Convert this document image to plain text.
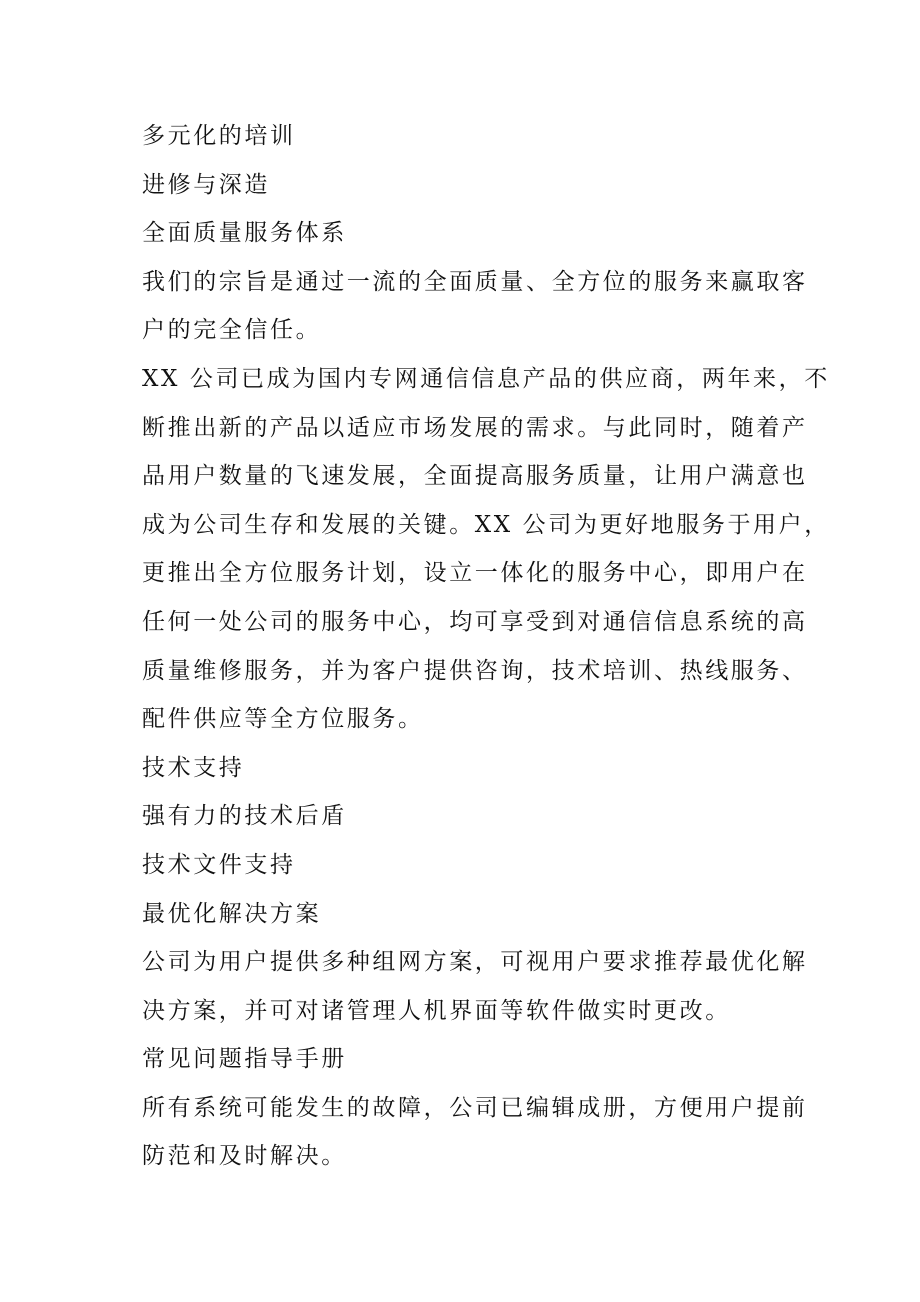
多元化的培训

进修与深造

全面质量服务体系

我们的宗旨是通过一流的全面质量、全方位的服务来赢取客

户的完全信任。

XX 公司已成为国内专网通信信息产品的供应商，两年来，不

断推出新的产品以适应市场发展的需求。与此同时，随着产

品用户数量的飞速发展，全面提高服务质量，让用户满意也

成为公司生存和发展的关键。XX 公司为更好地服务于用户，

更推出全方位服务计划，设立一体化的服务中心，即用户在

任何一处公司的服务中心，均可享受到对通信信息系统的高

质量维修服务，并为客户提供咨询，技术培训、热线服务、

配件供应等全方位服务。

技术支持

强有力的技术后盾

技术文件支持

最优化解决方案

公司为用户提供多种组网方案，可视用户要求推荐最优化解

决方案，并可对诸管理人机界面等软件做实时更改。

常见问题指导手册

所有系统可能发生的故障，公司已编辑成册，方便用户提前

防范和及时解决。
